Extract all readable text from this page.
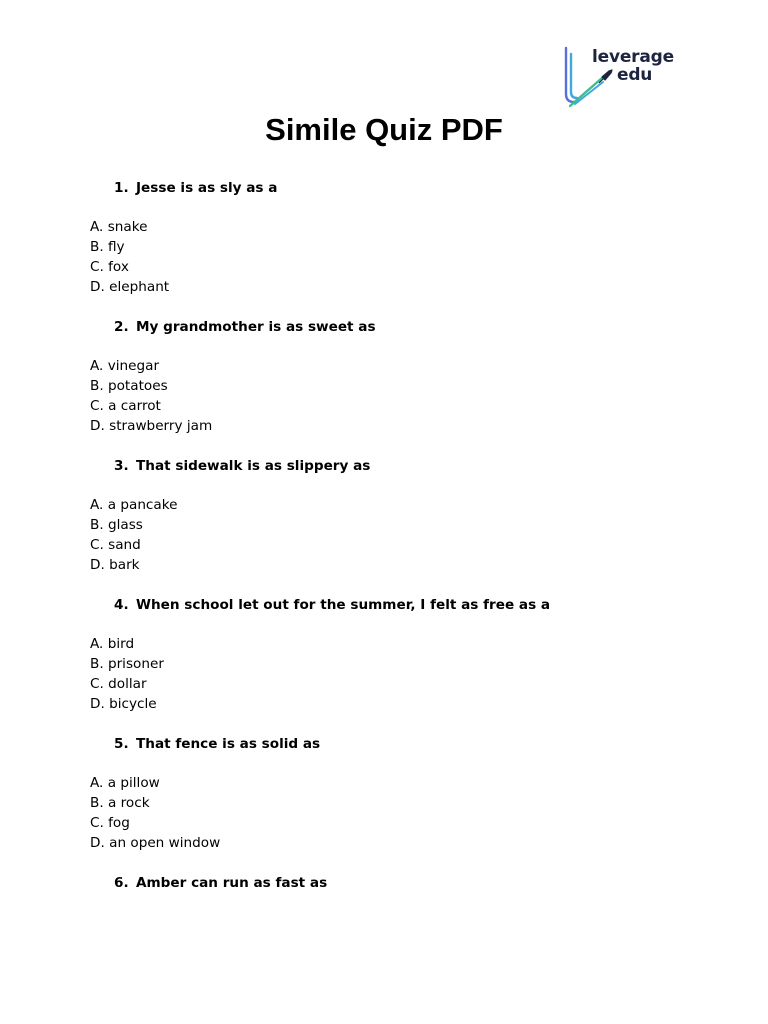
leverage
edu
Simile Quiz PDF
1. Jesse is as sly as a
A. snake
B. fly
C. fox
D. elephant
2. My grandmother is as sweet as
A. vinegar
B. potatoes
C. a carrot
D. strawberry jam
3. That sidewalk is as slippery as
A. a pancake
B. glass
C. sand
D. bark
4. When school let out for the summer, I felt as free as a
A. bird
B. prisoner
C. dollar
D. bicycle
5. That fence is as solid as
A. a pillow
B. a rock
C. fog
D. an open window
6. Amber can run as fast as
